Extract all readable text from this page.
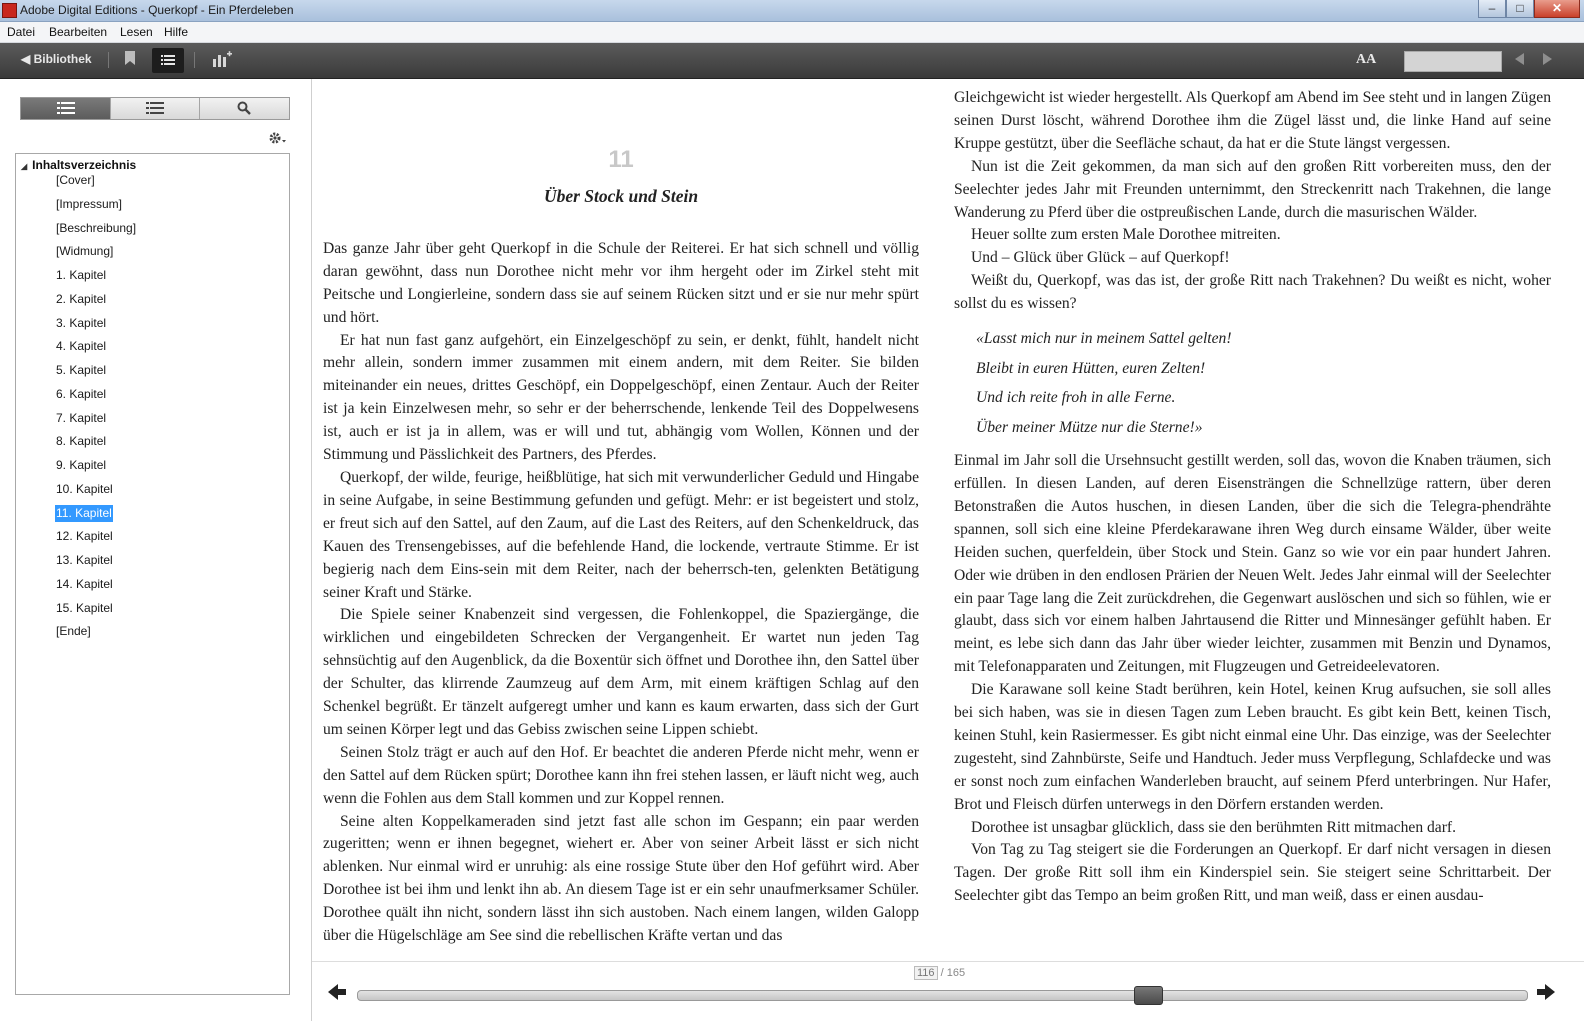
Adobe Digital Editions - Querkopf - Ein Pferdeleben	–	□	✕
Datei Bearbeiten Lesen Hilfe
◀ Bibliothek	AA
◢ Inhaltsverzeichnis
[Cover]
[Impressum]
[Beschreibung]
[Widmung]
1. Kapitel
2. Kapitel
3. Kapitel
4. Kapitel
5. Kapitel
6. Kapitel
7. Kapitel
8. Kapitel
9. Kapitel
10. Kapitel
11. Kapitel
12. Kapitel
13. Kapitel
14. Kapitel
15. Kapitel
[Ende]
11
Über Stock und Stein

Das ganze Jahr über geht Querkopf in die Schule der Reiterei. Er hat sich schnell und völlig daran gewöhnt, dass nun Dorothee nicht mehr vor ihm hergeht oder im Zirkel steht mit Peitsche und Longierleine, sondern dass sie auf seinem Rücken sitzt und er sie nur mehr spürt und hört.

Er hat nun fast ganz aufgehört, ein Einzelgeschöpf zu sein, er denkt, fühlt, handelt nicht mehr allein, sondern immer zusammen mit einem andern, mit dem Reiter. Sie bilden miteinander ein neues, drittes Geschöpf, ein Doppelgeschöpf, einen Zentaur. Auch der Reiter ist ja kein Einzelwesen mehr, so sehr er der beherrschende, lenkende Teil des Doppelwesens ist, auch er ist ja in allem, was er will und tut, abhängig vom Wollen, Können und der Stimmung und Pässlichkeit des Partners, des Pferdes.

Querkopf, der wilde, feurige, heißblütige, hat sich mit verwunderlicher Geduld und Hingabe in seine Aufgabe, in seine Bestimmung gefunden und gefügt. Mehr: er ist begeistert und stolz, er freut sich auf den Sattel, auf den Zaum, auf die Last des Reiters, auf den Schenkeldruck, das Kauen des Trensengebisses, auf die befehlende Hand, die lockende, vertraute Stimme. Er ist begierig nach dem Eins-sein mit dem Reiter, nach der beherrsch-ten, gelenkten Betätigung seiner Kraft und Stärke.

Die Spiele seiner Knabenzeit sind vergessen, die Fohlenkoppel, die Spaziergänge, die wirklichen und eingebildeten Schrecken der Vergangenheit. Er wartet nun jeden Tag sehnsüchtig auf den Augenblick, da die Boxentür sich öffnet und Dorothee ihn, den Sattel über der Schulter, das klirrende Zaumzeug auf dem Arm, mit einem kräftigen Schlag auf den Schenkel begrüßt. Er tänzelt aufgeregt umher und kann es kaum erwarten, dass sich der Gurt um seinen Körper legt und das Gebiss zwischen seine Lippen schiebt.

Seinen Stolz trägt er auch auf den Hof. Er beachtet die anderen Pferde nicht mehr, wenn er den Sattel auf dem Rücken spürt; Dorothee kann ihn frei stehen lassen, er läuft nicht weg, auch wenn die Fohlen aus dem Stall kommen und zur Koppel rennen.

Seine alten Koppelkameraden sind jetzt fast alle schon im Gespann; ein paar werden zugeritten; wenn er ihnen begegnet, wiehert er. Aber von seiner Arbeit lässt er sich nicht ablenken. Nur einmal wird er unruhig: als eine rossige Stute über den Hof geführt wird. Aber Dorothee ist bei ihm und lenkt ihn ab. An diesem Tage ist er ein sehr unaufmerksamer Schüler. Dorothee quält ihn nicht, sondern lässt ihn sich austoben. Nach einem langen, wilden Galopp über die Hügelschläge am See sind die rebellischen Kräfte vertan und das

Gleichgewicht ist wieder hergestellt. Als Querkopf am Abend im See steht und in langen Zügen seinen Durst löscht, während Dorothee ihm die Zügel lässt und, die linke Hand auf seine Kruppe gestützt, über die Seefläche schaut, da hat er die Stute längst vergessen.

Nun ist die Zeit gekommen, da man sich auf den großen Ritt vorbereiten muss, den der Seelechter jedes Jahr mit Freunden unternimmt, den Streckenritt nach Trakehnen, die lange Wanderung zu Pferd über die ostpreußischen Lande, durch die masurischen Wälder.

Heuer sollte zum ersten Male Dorothee mitreiten.

Und – Glück über Glück – auf Querkopf!

Weißt du, Querkopf, was das ist, der große Ritt nach Trakehnen? Du weißt es nicht, woher sollst du es wissen?

«Lasst mich nur in meinem Sattel gelten!
Bleibt in euren Hütten, euren Zelten!
Und ich reite froh in alle Ferne.
Über meiner Mütze nur die Sterne!»

Einmal im Jahr soll die Ursehnsucht gestillt werden, soll das, wovon die Knaben träumen, sich erfüllen. In diesen Landen, auf deren Eisensträngen die Schnellzüge rattern, über deren Betonstraßen die Autos huschen, in diesen Landen, über die sich die Telegra-phendrähte spannen, soll sich eine kleine Pferdekarawane ihren Weg durch einsame Wälder, über weite Heiden suchen, querfeldein, über Stock und Stein. Ganz so wie vor ein paar hundert Jahren. Oder wie drüben in den endlosen Prärien der Neuen Welt. Jedes Jahr einmal will der Seelechter ein paar Tage lang die Zeit zurückdrehen, die Gegenwart auslöschen und sich so fühlen, wie er glaubt, dass sich vor einem halben Jahrtausend die Ritter und Minnesänger gefühlt haben. Er meint, es lebe sich dann das Jahr über wieder leichter, zusammen mit Benzin und Dynamos, mit Telefonapparaten und Zeitungen, mit Flugzeugen und Getreideelevatoren.

Die Karawane soll keine Stadt berühren, kein Hotel, keinen Krug aufsuchen, sie soll alles bei sich haben, was sie in diesen Tagen zum Leben braucht. Es gibt kein Bett, keinen Tisch, keinen Stuhl, kein Rasiermesser. Es gibt nicht einmal eine Uhr. Das einzige, was der Seelechter zugesteht, sind Zahnbürste, Seife und Handtuch. Jeder muss Verpflegung, Schlafdecke und was er sonst noch zum einfachen Wanderleben braucht, auf seinem Pferd unterbringen. Nur Hafer, Brot und Fleisch dürfen unterwegs in den Dörfern erstanden werden.

Dorothee ist unsagbar glücklich, dass sie den berühmten Ritt mitmachen darf.

Von Tag zu Tag steigert sie die Forderungen an Querkopf. Er darf nicht versagen in diesen Tagen. Der große Ritt soll ihm ein Kinderspiel sein. Sie steigert seine Schrittarbeit. Der Seelechter gibt das Tempo an beim großen Ritt, und man weiß, dass er einen ausdau-

116 / 165
